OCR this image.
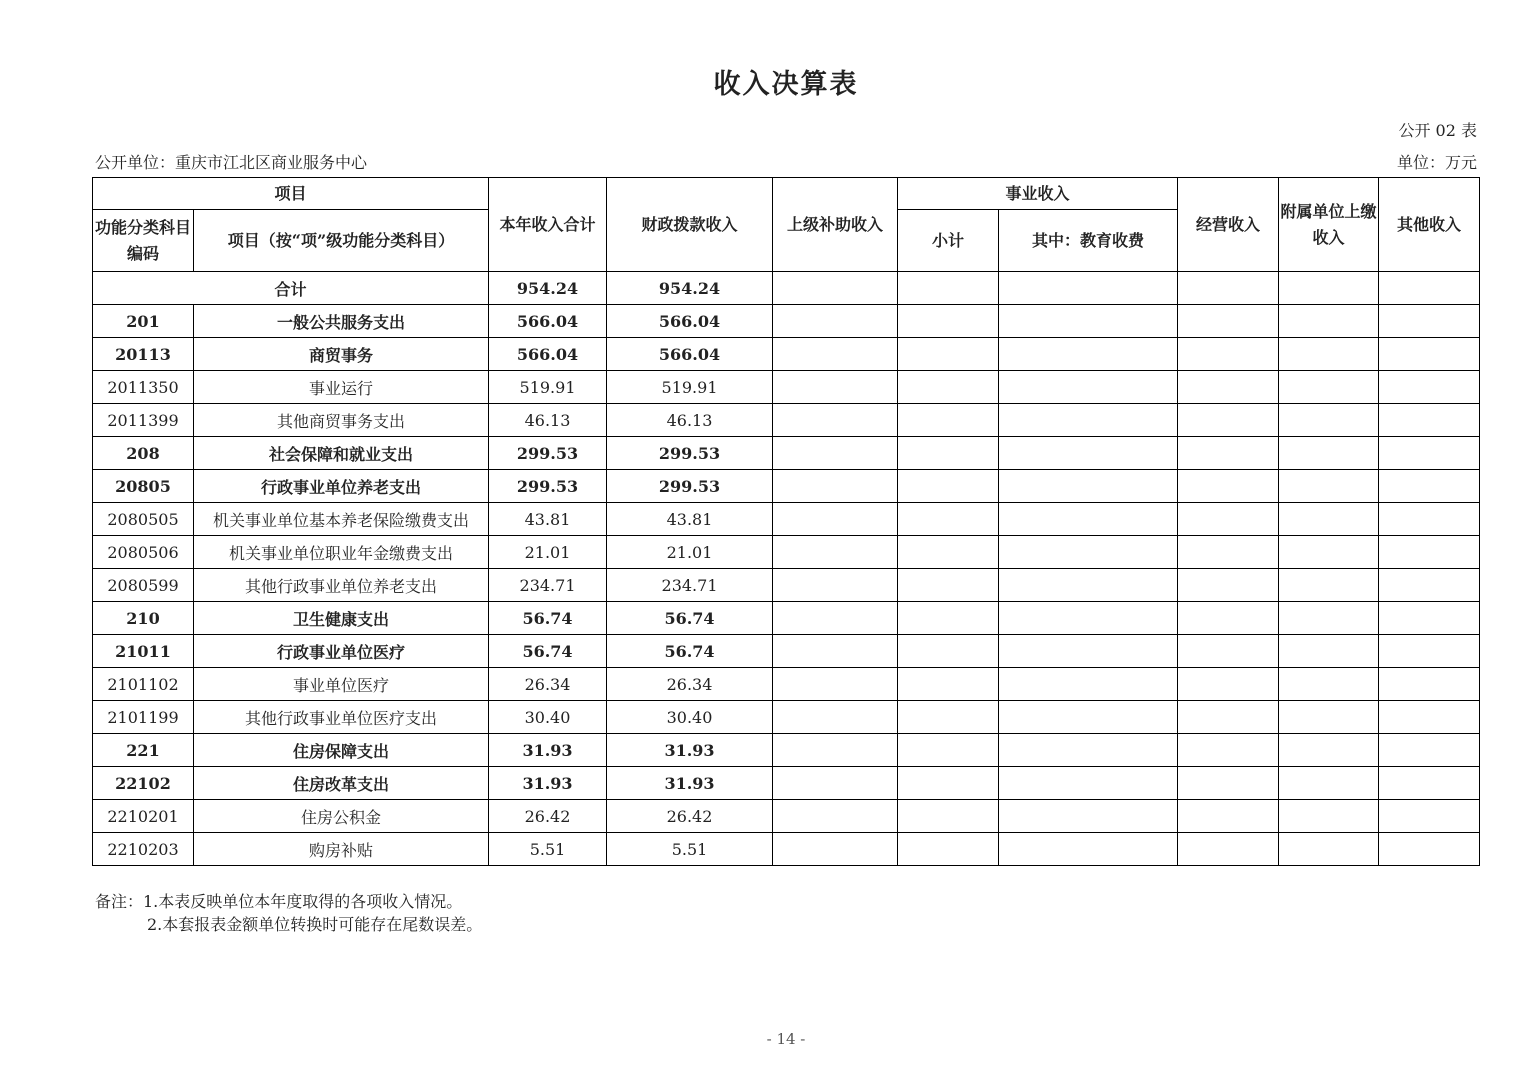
收入决算表
公开 02 表
公开单位：重庆市江北区商业服务中心	单位：万元
项目		本年收入合计	财政拨款收入	上级补助收入	事业收入		经营收入	附属单位上缴收入	其他收入
功能分类科目编码	项目（按“项”级功能分类科目）				小计	其中：教育收费			
合计		954.24	954.24						
201	一般公共服务支出	566.04	566.04						
20113	商贸事务	566.04	566.04						
2011350	事业运行	519.91	519.91						
2011399	其他商贸事务支出	46.13	46.13						
208	社会保障和就业支出	299.53	299.53						
20805	行政事业单位养老支出	299.53	299.53						
2080505	机关事业单位基本养老保险缴费支出	43.81	43.81						
2080506	机关事业单位职业年金缴费支出	21.01	21.01						
2080599	其他行政事业单位养老支出	234.71	234.71						
210	卫生健康支出	56.74	56.74						
21011	行政事业单位医疗	56.74	56.74						
2101102	事业单位医疗	26.34	26.34						
2101199	其他行政事业单位医疗支出	30.40	30.40						
221	住房保障支出	31.93	31.93						
22102	住房改革支出	31.93	31.93						
2210201	住房公积金	26.42	26.42						
2210203	购房补贴	5.51	5.51						
备注：1.本表反映单位本年度取得的各项收入情况。
2.本套报表金额单位转换时可能存在尾数误差。
- 14 -
